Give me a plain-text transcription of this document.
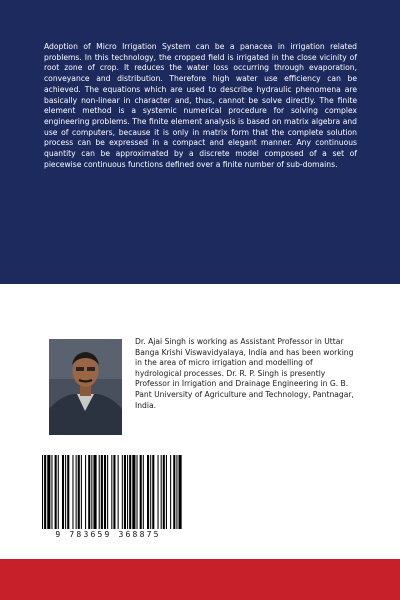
Adoption of Micro Irrigation System can be a panacea in irrigation related problems. In this technology, the cropped field is irrigated in the close vicinity of root zone of crop. It reduces the water loss occurring through evaporation, conveyance and distribution. Therefore high water use efficiency can be achieved. The equations which are used to describe hydraulic phenomena are basically non-linear in character and, thus, cannot be solve directly. The finite element method is a systemic numerical procedure for solving complex engineering problems. The finite element analysis is based on matrix algebra and use of computers, because it is only in matrix form that the complete solution process can be expressed in a compact and elegant manner. Any continuous quantity can be approximated by a discrete model composed of a set of piecewise continuous functions defined over a finite number of sub-domains.

Dr. Ajai Singh is working as Assistant Professor in Uttar Banga Krishi Viswavidyalaya, India and has been working in the area of micro irrigation and modelling of hydrological processes. Dr. R. P. Singh is presently Professor in Irrigation and Drainage Engineering in G. B. Pant University of Agriculture and Technology, Pantnagar, India.

9 783659 368875
